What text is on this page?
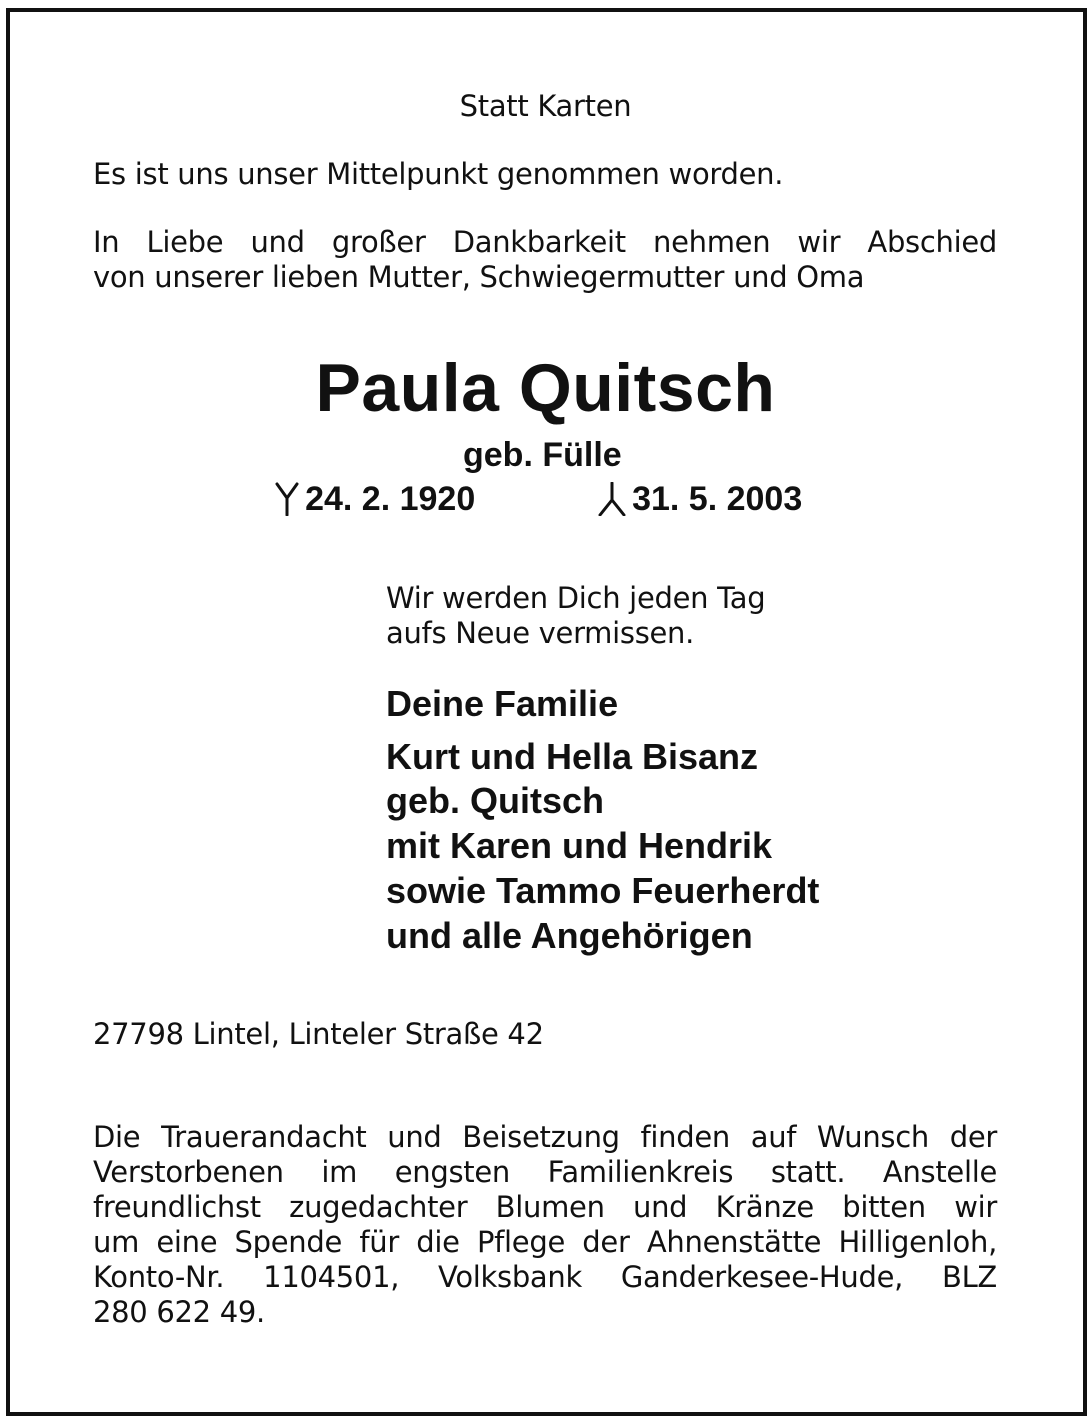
Statt Karten
Es ist uns unser Mittelpunkt genommen worden.
In Liebe und großer Dankbarkeit nehmen wir Abschied
von unserer lieben Mutter, Schwiegermutter und Oma
Paula Quitsch
geb. Fülle
24. 2. 1920	31. 5. 2003
Wir werden Dich jeden Tag
aufs Neue vermissen.
Deine Familie
Kurt und Hella Bisanz
geb. Quitsch
mit Karen und Hendrik
sowie Tammo Feuerherdt
und alle Angehörigen
27798 Lintel, Linteler Straße 42
Die Trauerandacht und Beisetzung finden auf Wunsch der
Verstorbenen im engsten Familienkreis statt. Anstelle
freundlichst zugedachter Blumen und Kränze bitten wir
um eine Spende für die Pflege der Ahnenstätte Hilligenloh,
Konto-Nr. 1104501, Volksbank Ganderkesee-Hude, BLZ
280 622 49.
